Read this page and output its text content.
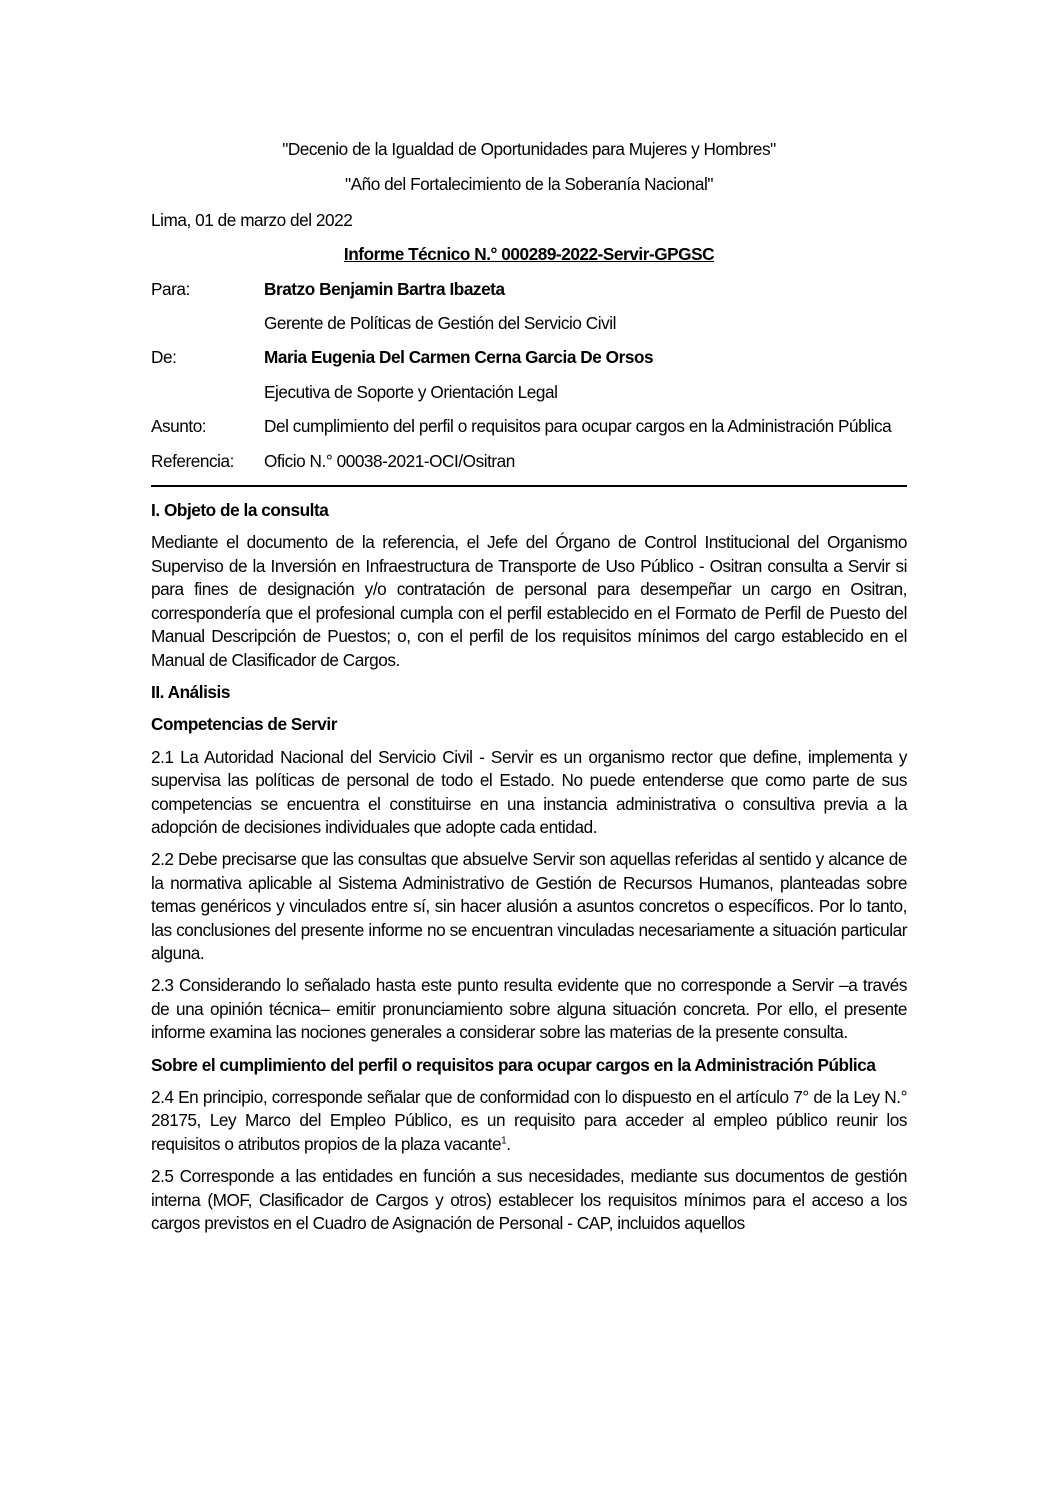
"Decenio de la Igualdad de Oportunidades para Mujeres y Hombres"
"Año del Fortalecimiento de la Soberanía Nacional"
Lima, 01 de marzo del 2022
Informe Técnico N.° 000289-2022-Servir-GPGSC
Para:	Bratzo Benjamin Bartra Ibazeta
Gerente de Políticas de Gestión del Servicio Civil
De:	Maria Eugenia Del Carmen Cerna Garcia De Orsos
Ejecutiva de Soporte y Orientación Legal
Asunto:	Del cumplimiento del perfil o requisitos para ocupar cargos en la Administración Pública
Referencia:	Oficio N.° 00038-2021-OCI/Ositran
I. Objeto de la consulta
Mediante el documento de la referencia, el Jefe del Órgano de Control Institucional del Organismo Superviso de la Inversión en Infraestructura de Transporte de Uso Público - Ositran consulta a Servir si para fines de designación y/o contratación de personal para desempeñar un cargo en Ositran, correspondería que el profesional cumpla con el perfil establecido en el Formato de Perfil de Puesto del Manual Descripción de Puestos; o, con el perfil de los requisitos mínimos del cargo establecido en el Manual de Clasificador de Cargos.
II. Análisis
Competencias de Servir
2.1 La Autoridad Nacional del Servicio Civil - Servir es un organismo rector que define, implementa y supervisa las políticas de personal de todo el Estado. No puede entenderse que como parte de sus competencias se encuentra el constituirse en una instancia administrativa o consultiva previa a la adopción de decisiones individuales que adopte cada entidad.
2.2 Debe precisarse que las consultas que absuelve Servir son aquellas referidas al sentido y alcance de la normativa aplicable al Sistema Administrativo de Gestión de Recursos Humanos, planteadas sobre temas genéricos y vinculados entre sí, sin hacer alusión a asuntos concretos o específicos. Por lo tanto, las conclusiones del presente informe no se encuentran vinculadas necesariamente a situación particular alguna.
2.3 Considerando lo señalado hasta este punto resulta evidente que no corresponde a Servir –a través de una opinión técnica– emitir pronunciamiento sobre alguna situación concreta. Por ello, el presente informe examina las nociones generales a considerar sobre las materias de la presente consulta.
Sobre el cumplimiento del perfil o requisitos para ocupar cargos en la Administración Pública
2.4 En principio, corresponde señalar que de conformidad con lo dispuesto en el artículo 7° de la Ley N.° 28175, Ley Marco del Empleo Público, es un requisito para acceder al empleo público reunir los requisitos o atributos propios de la plaza vacante$^1$.
2.5 Corresponde a las entidades en función a sus necesidades, mediante sus documentos de gestión interna (MOF, Clasificador de Cargos y otros) establecer los requisitos mínimos para el acceso a los cargos previstos en el Cuadro de Asignación de Personal - CAP, incluidos aquellos
